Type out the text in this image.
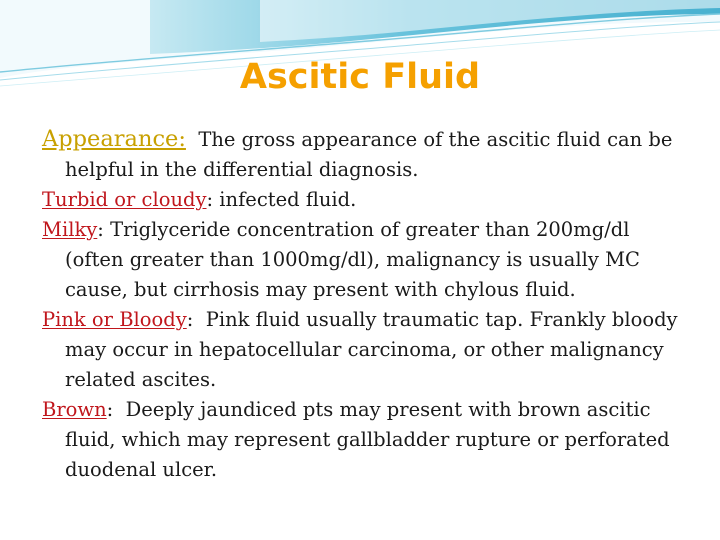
Ascitic Fluid

Appearance: The gross appearance of the ascitic fluid can be helpful in the differential diagnosis.

Turbid or cloudy: infected fluid.

Milky: Triglyceride concentration of greater than 200mg/dl (often greater than 1000mg/dl), malignancy is usually MC cause, but cirrhosis may present with chylous fluid.

Pink or Bloody:  Pink fluid usually traumatic tap. Frankly bloody may occur in hepatocellular carcinoma, or other malignancy related ascites.

Brown:  Deeply jaundiced pts may present with brown ascitic fluid, which may represent gallbladder rupture or perforated duodenal ulcer.
